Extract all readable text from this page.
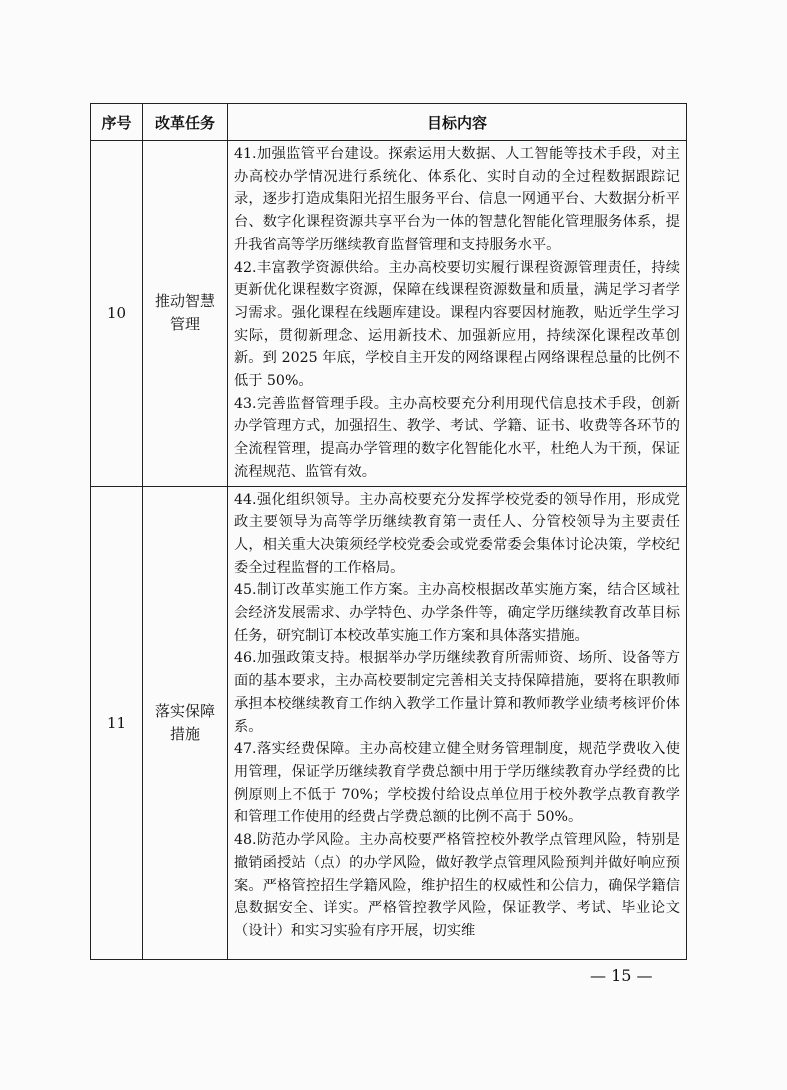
序号	改革任务	目标内容
10	推动智慧管理	41.加强监管平台建设。探索运用大数据、人工智能等技术手段，对主办高校办学情况进行系统化、体系化、实时自动的全过程数据跟踪记录，逐步打造成集阳光招生服务平台、信息一网通平台、大数据分析平台、数字化课程资源共享平台为一体的智慧化智能化管理服务体系，提升我省高等学历继续教育监督管理和支持服务水平。

42.丰富教学资源供给。主办高校要切实履行课程资源管理责任，持续更新优化课程数字资源，保障在线课程资源数量和质量，满足学习者学习需求。强化课程在线题库建设。课程内容要因材施教，贴近学生学习实际，贯彻新理念、运用新技术、加强新应用，持续深化课程改革创新。到 2025 年底，学校自主开发的网络课程占网络课程总量的比例不低于 50%。

43.完善监督管理手段。主办高校要充分利用现代信息技术手段，创新办学管理方式，加强招生、教学、考试、学籍、证书、收费等各环节的全流程管理，提高办学管理的数字化智能化水平，杜绝人为干预，保证流程规范、监管有效。

11	落实保障措施	44.强化组织领导。主办高校要充分发挥学校党委的领导作用，形成党政主要领导为高等学历继续教育第一责任人、分管校领导为主要责任人，相关重大决策须经学校党委会或党委常委会集体讨论决策，学校纪委全过程监督的工作格局。

45.制订改革实施工作方案。主办高校根据改革实施方案，结合区域社会经济发展需求、办学特色、办学条件等，确定学历继续教育改革目标任务，研究制订本校改革实施工作方案和具体落实措施。

46.加强政策支持。根据举办学历继续教育所需师资、场所、设备等方面的基本要求，主办高校要制定完善相关支持保障措施，要将在职教师承担本校继续教育工作纳入教学工作量计算和教师教学业绩考核评价体系。

47.落实经费保障。主办高校建立健全财务管理制度，规范学费收入使用管理，保证学历继续教育学费总额中用于学历继续教育办学经费的比例原则上不低于 70%；学校拨付给设点单位用于校外教学点教育教学和管理工作使用的经费占学费总额的比例不高于 50%。

48.防范办学风险。主办高校要严格管控校外教学点管理风险，特别是撤销函授站（点）的办学风险，做好教学点管理风险预判并做好响应预案。严格管控招生学籍风险，维护招生的权威性和公信力，确保学籍信息数据安全、详实。严格管控教学风险，保证教学、考试、毕业论文（设计）和实习实验有序开展，切实维

— 15 —
